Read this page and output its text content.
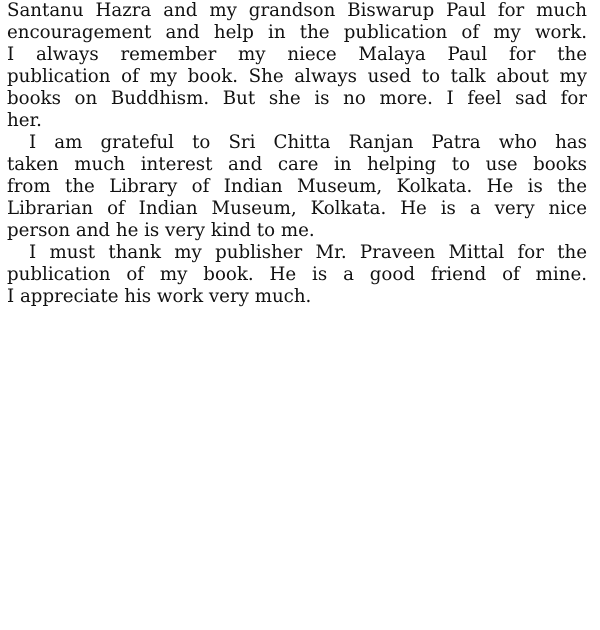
Santanu Hazra and my grandson Biswarup Paul for much
encouragement and help in the publication of my work.
I always remember my niece Malaya Paul for the
publication of my book. She always used to talk about my
books on Buddhism. But she is no more. I feel sad for
her.
I am grateful to Sri Chitta Ranjan Patra who has
taken much interest and care in helping to use books
from the Library of Indian Museum, Kolkata. He is the
Librarian of Indian Museum, Kolkata. He is a very nice
person and he is very kind to me.
I must thank my publisher Mr. Praveen Mittal for the
publication of my book. He is a good friend of mine.
I appreciate his work very much.
